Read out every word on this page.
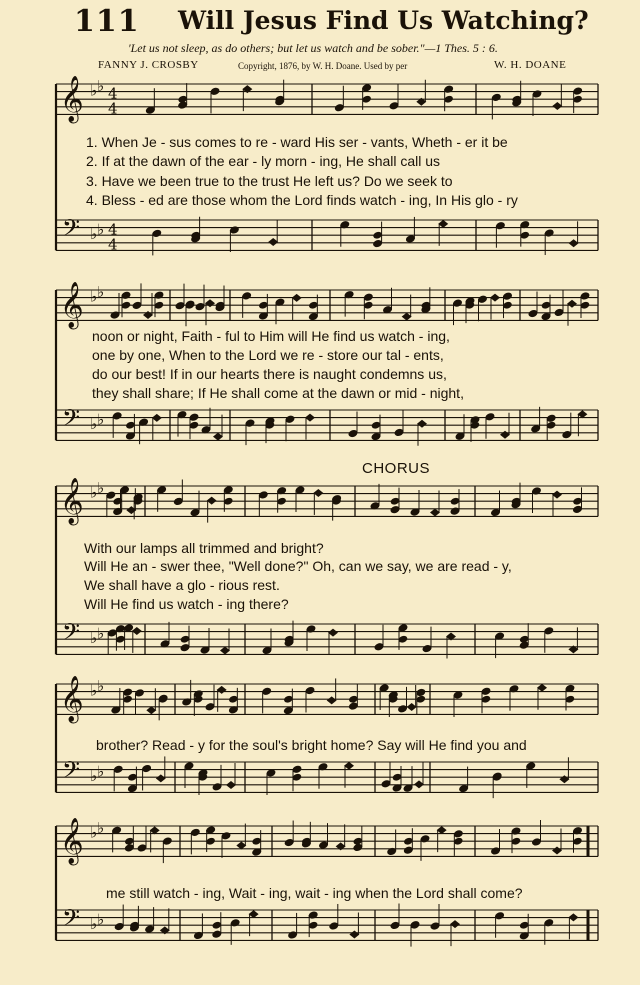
111 Will Jesus Find Us Watching?
'Let us not sleep, as do others; but let us watch and be sober."—1 Thes. 5 : 6.
FANNY J. CROSBY	Copyright, 1876, by W. H. Doane. Used by per	W. H. DOANE
CHORUS
1. When Je - sus comes to re - ward His ser - vants, Wheth - er it be
2. If at the dawn of the ear - ly morn - ing, He shall call us
3. Have we been true to the trust He left us? Do we seek to
4. Bless - ed are those whom the Lord finds watch - ing, In His glo - ry
noon or night, Faith - ful to Him will He find us watch - ing,
one by one, When to the Lord we re - store our tal - ents,
do our best! If in our hearts there is naught condemns us,
they shall share; If He shall come at the dawn or mid - night,
With our lamps all trimmed and bright?
Will He an - swer thee, "Well done?" Oh, can we say, we are read - y,
We shall have a glo - rious rest.
Will He find us watch - ing there?
brother? Read - y for the soul's bright home? Say will He find you and
me still watch - ing, Wait - ing, wait - ing when the Lord shall come?
𝄞
𝄢
♭ ♭
♭ ♭
4
4
4
4
𝄞
𝄢
♭ ♭
♭ ♭
𝄞
𝄢
♭ ♭
♭ ♭
𝄞
𝄢
♭ ♭
♭ ♭
𝄞
𝄢
♭ ♭
♭ ♭
